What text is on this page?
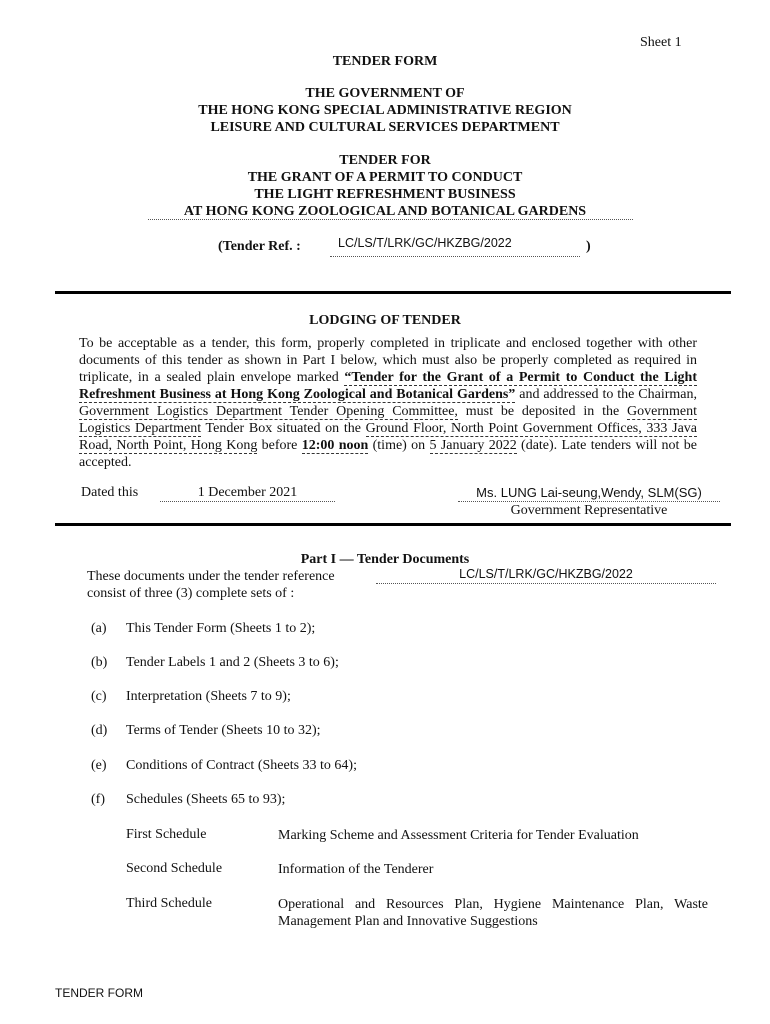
Sheet 1
TENDER FORM
THE GOVERNMENT OF
THE HONG KONG SPECIAL ADMINISTRATIVE REGION
LEISURE AND CULTURAL SERVICES DEPARTMENT
TENDER FOR
THE GRANT OF A PERMIT TO CONDUCT
THE LIGHT REFRESHMENT BUSINESS
AT HONG KONG ZOOLOGICAL AND BOTANICAL GARDENS
(Tender Ref. :	LC/LS/T/LRK/GC/HKZBG/2022	)
LODGING OF TENDER
To be acceptable as a tender, this form, properly completed in triplicate and enclosed together with other documents of this tender as shown in Part I below, which must also be properly completed as required in triplicate, in a sealed plain envelope marked “Tender for the Grant of a Permit to Conduct the Light Refreshment Business at Hong Kong Zoological and Botanical Gardens” and addressed to the Chairman, Government Logistics Department Tender Opening Committee, must be deposited in the Government Logistics Department Tender Box situated on the Ground Floor, North Point Government Offices, 333 Java Road, North Point, Hong Kong before 12:00 noon (time) on 5 January 2022 (date). Late tenders will not be accepted.
Dated this	1 December 2021	Ms. LUNG Lai-seung,Wendy, SLM(SG)
Government Representative
Part I — Tender Documents
These documents under the tender reference	LC/LS/T/LRK/GC/HKZBG/2022
consist of three (3) complete sets of :
(a) This Tender Form (Sheets 1 to 2);
(b) Tender Labels 1 and 2 (Sheets 3 to 6);
(c) Interpretation (Sheets 7 to 9);
(d) Terms of Tender (Sheets 10 to 32);
(e) Conditions of Contract (Sheets 33 to 64);
(f) Schedules (Sheets 65 to 93);
First Schedule	Marking Scheme and Assessment Criteria for Tender Evaluation
Second Schedule	Information of the Tenderer
Third Schedule	Operational and Resources Plan, Hygiene Maintenance Plan, Waste Management Plan and Innovative Suggestions
TENDER FORM
